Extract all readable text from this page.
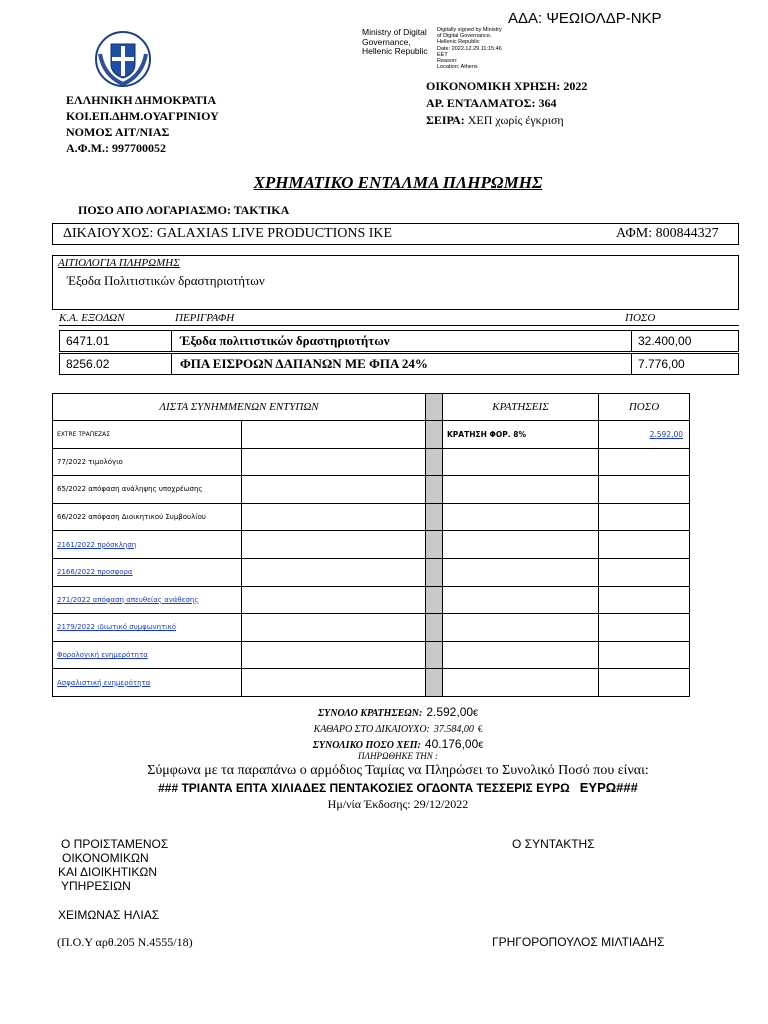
ΑΔΑ: ΨΕΩΙΟΛΔΡ-ΝΚΡ
Ministry of Digital
Governance,
Hellenic Republic
Digitally signed by Ministry
of Digital Governance,
Hellenic Republic
Date: 2022.12.29 11:15:46
EET
Reason:
Location: Athens
ΕΛΛΗΝΙΚΗ ΔΗΜΟΚΡΑΤΙΑ
ΚΟΙ.ΕΠ.ΔΗΜ.ΟΥΑΓΡΙΝΙΟΥ
ΝΟΜΟΣ ΑΙΤ/ΝΙΑΣ
Α.Φ.Μ.: 997700052
ΟΙΚΟΝΟΜΙΚΗ ΧΡΗΣΗ: 2022
ΑΡ. ΕΝΤΑΛΜΑΤΟΣ: 364
ΣΕΙΡΑ: ΧΕΠ χωρίς έγκριση
ΧΡΗΜΑΤΙΚΟ ΕΝΤΑΛΜΑ ΠΛΗΡΩΜΗΣ
ΠΟΣΟ ΑΠΟ ΛΟΓΑΡΙΑΣΜΟ: ΤΑΚΤΙΚΑ
ΔΙΚΑΙΟΥΧΟΣ: GALAXIAS LIVE PRODUCTIONS IKE	ΑΦΜ: 800844327
ΑΙΤΙΟΛΟΓΙΑ ΠΛΗΡΩΜΗΣ
Έξοδα Πολιτιστικών δραστηριοτήτων
Κ.Α. ΕΞΟΔΩΝ	ΠΕΡΙΓΡΑΦΗ	ΠΟΣΟ
6471.01	Έξοδα πολιτιστικών δραστηριοτήτων	32.400,00
8256.02	ΦΠΑ ΕΙΣΡΟΩΝ ΔΑΠΑΝΩΝ ΜΕ ΦΠΑ 24%	7.776,00
ΛΙΣΤΑ ΣΥΝΗΜΜΕΝΩΝ ΕΝΤΥΠΩΝ			ΚΡΑΤΗΣΕΙΣ	ΠΟΣΟ
EXTRE ΤΡΑΠΕΖΑΣ			ΚΡΑΤΗΣΗ ΦΟΡ. 8%	2.592,00
77/2022 τιμολόγιο				
65/2022 απόφαση ανάληψης υποχρέωσης				
66/2022 απόφαση Διοικητικού Συμβουλίου				
2161/2022 πρόσκληση				
2166/2022 προσφορα				
271/2022 απόφαση απευθείας ανάθεσης				
2179/2022 ιδιωτικό συμφωνητικό				
Φορολογική ενημερότητα				
Ασφαλιστική ενημερότητα				
ΣΥΝΟΛΟ ΚΡΑΤΗΣΕΩΝ: 2.592,00€
ΚΑΘΑΡΟ ΣΤΟ ΔΙΚΑΙΟΥΧΟ: 37.584,00 €
ΣΥΝΟΛΙΚΟ ΠΟΣΟ ΧΕΠ: 40.176,00€
ΠΛΗΡΩΘΗΚΕ ΤΗΝ :
Σύμφωνα με τα παραπάνω ο αρμόδιος Ταμίας να Πληρώσει το Συνολικό Ποσό που είναι:
### ΤΡΙΑΝΤΑ ΕΠΤΑ ΧΙΛΙΑΔΕΣ ΠΕΝΤΑΚΟΣΙΕΣ ΟΓΔΟΝΤΑ ΤΕΣΣΕΡΙΣ ΕΥΡΩ ΕΥΡΩ###
Ημ/νία Έκδοσης: 29/12/2022
Ο ΠΡΟΙΣΤΑΜΕΝΟΣ
ΟΙΚΟΝΟΜΙΚΩΝ
ΚΑΙ ΔΙΟΙΚΗΤΙΚΩΝ
ΥΠΗΡΕΣΙΩΝ
ΧΕΙΜΩΝΑΣ ΗΛΙΑΣ
(Π.Ο.Υ αρθ.205 Ν.4555/18)
Ο ΣΥΝΤΑΚΤΗΣ
ΓΡΗΓΟΡΟΠΟΥΛΟΣ ΜΙΛΤΙΑΔΗΣ
